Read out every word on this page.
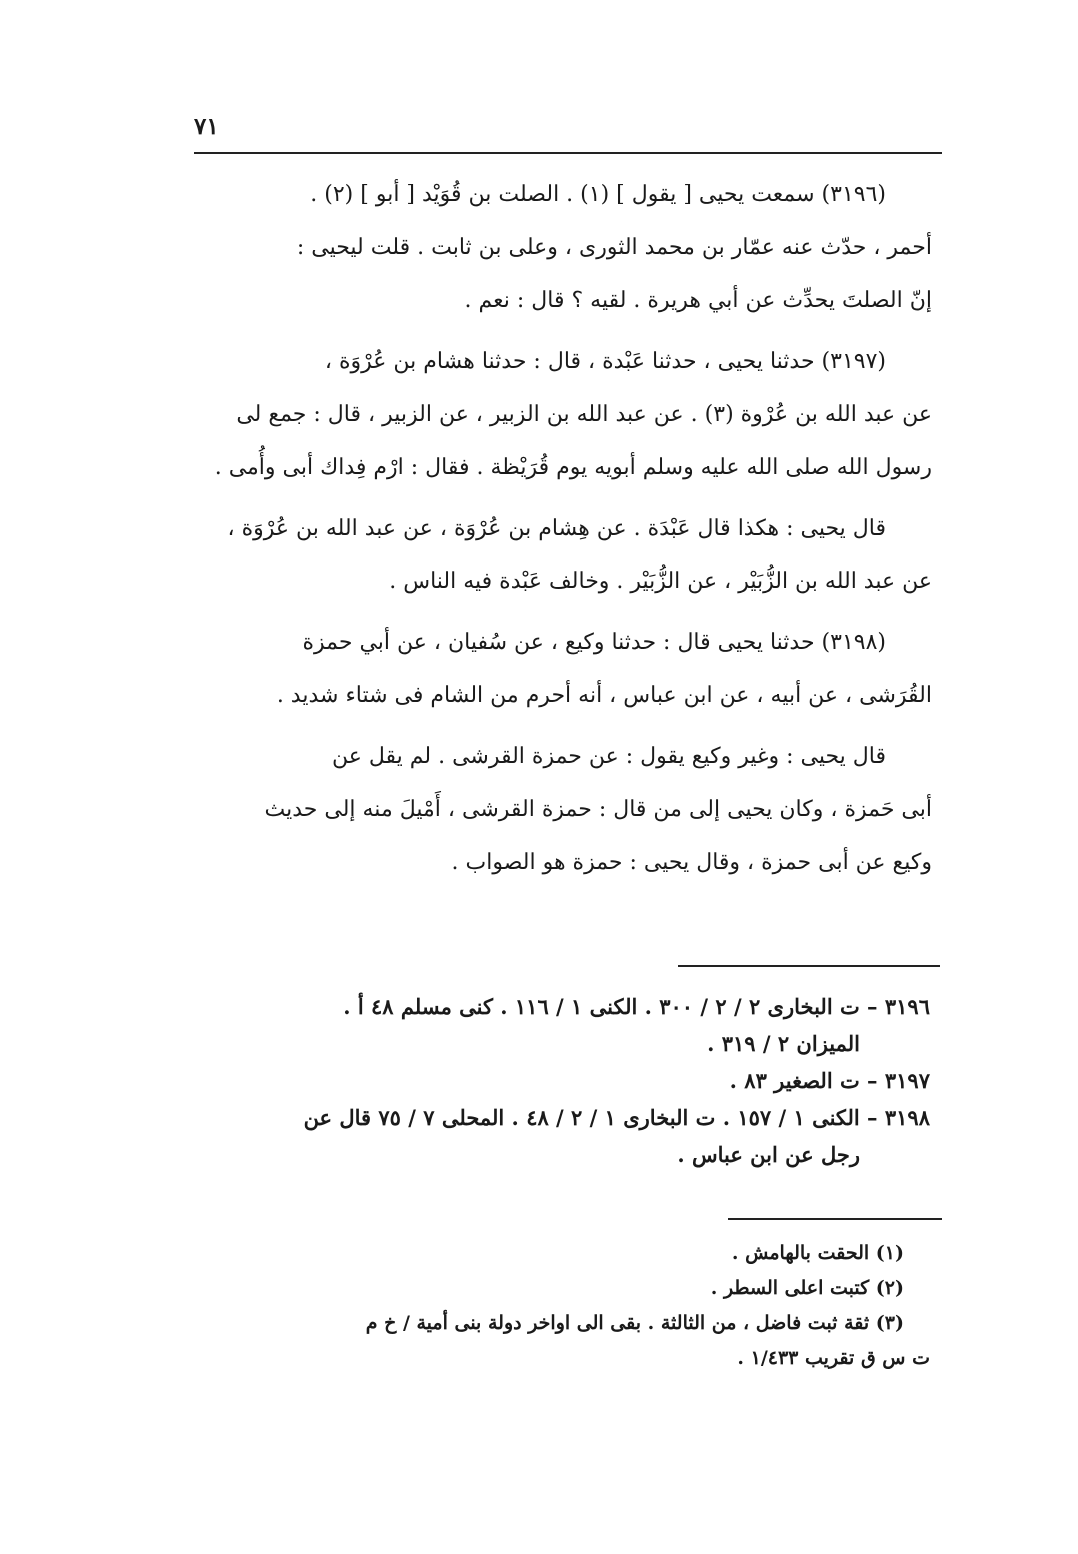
٧١

(٣١٩٦) سمعت يحيى [ يقول ] (١) . الصلت بن قُوَيْد [ أبو ] (٢) .
أحمر ، حدّث عنه عمّار بن محمد الثورى ، وعلى بن ثابت . قلت ليحيى :
إنّ الصلتَ يحدِّث عن أبي هريرة . لقيه ؟ قال : نعم .

(٣١٩٧) حدثنا يحيى ، حدثنا عَبْدة ، قال : حدثنا هشام بن عُرْوَة ،
عن عبد الله بن عُرْوة (٣) . عن عبد الله بن الزبير ، عن الزبير ، قال : جمع لى
رسول الله صلى الله عليه وسلم أبويه يوم قُرَيْظة . فقال : ارْم فِداك أبى وأُمى .

قال يحيى : هكذا قال عَبْدَة . عن هِشام بن عُرْوَة ، عن عبد الله بن عُرْوَة ،
عن عبد الله بن الزُّبَيْر ، عن الزُّبَيْر . وخالف عَبْدة فيه الناس .

(٣١٩٨) حدثنا يحيى قال : حدثنا وكيع ، عن سُفيان ، عن أبي حمزة
القُرَشى ، عن أبيه ، عن ابن عباس ، أنه أحرم من الشام فى شتاء شديد .

قال يحيى : وغير وكيع يقول : عن حمزة القرشى . لم يقل عن
أبى حَمزة ، وكان يحيى إلى من قال : حمزة القرشى ، أَمْيلَ منه إلى حديث
وكيع عن أبى حمزة ، وقال يحيى : حمزة هو الصواب .

٣١٩٦ – ت البخارى ٢ / ٢ / ٣٠٠ . الكنى ١ / ١١٦ . كنى مسلم ٤٨ أ .
الميزان ٢ / ٣١٩ .
٣١٩٧ – ت الصغير ٨٣ .
٣١٩٨ – الكنى ١ / ١٥٧ . ت البخارى ١ / ٢ / ٤٨ . المحلى ٧ / ٧٥ قال عن
رجل عن ابن عباس .
(١) الحقت بالهامش .
(٢) كتبت اعلى السطر .
(٣) ثقة ثبت فاضل ، من الثالثة . بقى الى اواخر دولة بنى أمية / خ م
ت س ق تقريب ١/٤٣٣ .
